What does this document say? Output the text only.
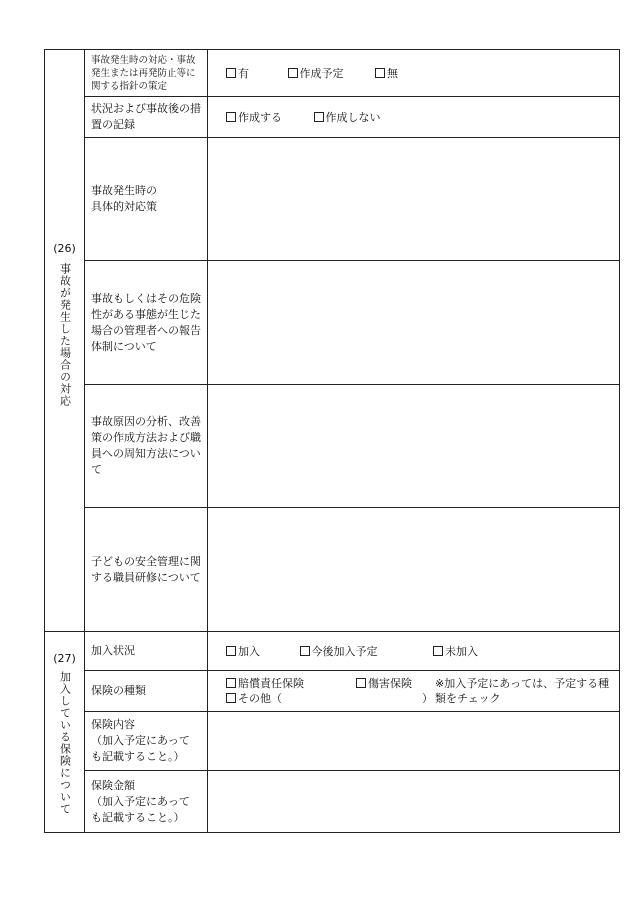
(26)
事故が発生した場合の対応	事故発生時の対応・事故発生または再発防止等に関する指針の策定	有 作成予定 無
	状況および事故後の措置の記録	作成する 作成しない

	事故発生時の
具体的対応策	

	事故もしくはその危険性がある事態が生じた場合の管理者への報告体制について	
	事故原因の分析、改善策の作成方法および職員への周知方法について	
	子どもの安全管理に関する職員研修について	

(27)
加入している保険について	加入状況	加入 今後加入予定 未加入
	保険の種類	賠償責任保険 傷害保険
その他（ ）
※加入予定にあっては、予定する種類をチェック

	保険内容
（加入予定にあって
も記載すること。）	

	保険金額
（加入予定にあって
も記載すること。）	
